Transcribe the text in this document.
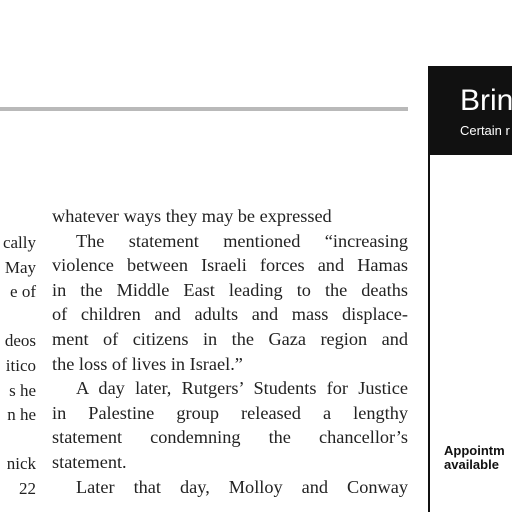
cally
May
e of

deos
itico
s he
n he

nick
22
whatever ways they may be expressed
The statement mentioned “increasing
violence between Israeli forces and Hamas
in the Middle East leading to the deaths
of children and adults and mass displace-
ment of citizens in the Gaza region and
the loss of lives in Israel.”
A day later, Rutgers’ Students for Justice
in Palestine group released a lengthy
statement condemning the chancellor’s
statement.
Later that day, Molloy and Conway
Bring
Certain r
Appointm
available
